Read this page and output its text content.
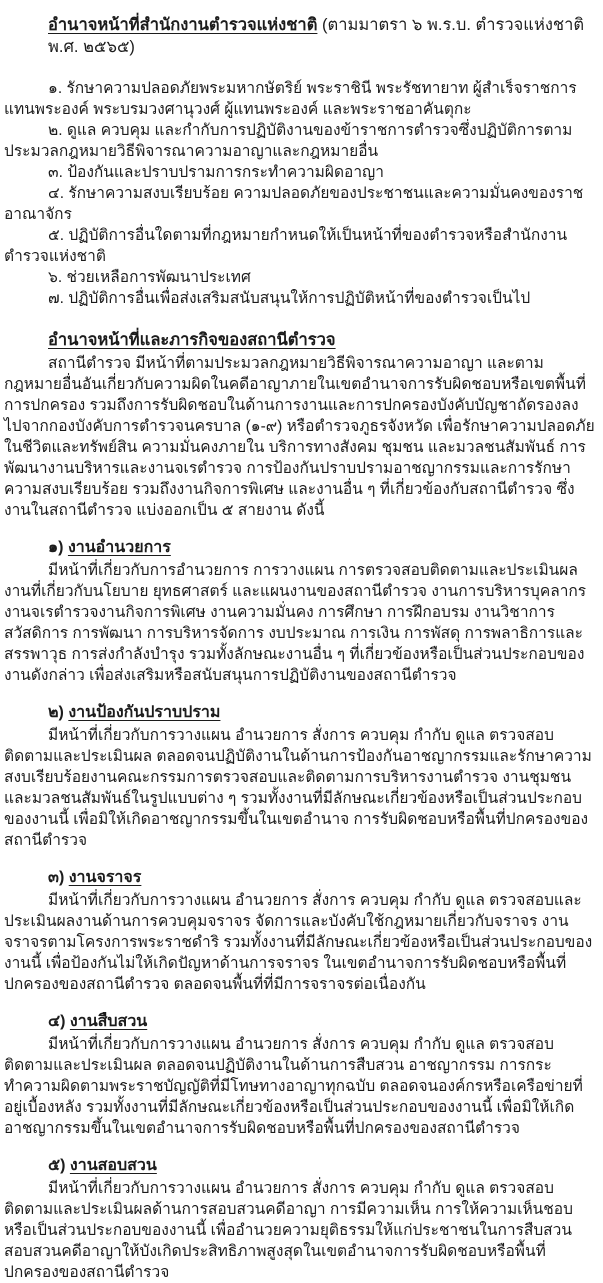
อำนาจหน้าที่สำนักงานตำรวจแห่งชาติ (ตามมาตรา ๖ พ.ร.บ. ตำรวจแห่งชาติ พ.ศ. ๒๕๖๕)

๑. รักษาความปลอดภัยพระมหากษัตริย์ พระราชินี พระรัชทายาท ผู้สำเร็จราชการแทนพระองค์ พระบรมวงศานุวงศ์ ผู้แทนพระองค์ และพระราชอาคันตุกะ

๒. ดูแล ควบคุม และกำกับการปฏิบัติงานของข้าราชการตำรวจซึ่งปฏิบัติการตามประมวลกฎหมายวิธีพิจารณาความอาญาและกฎหมายอื่น

๓. ป้องกันและปราบปรามการกระทำความผิดอาญา

๔. รักษาความสงบเรียบร้อย ความปลอดภัยของประชาชนและความมั่นคงของราชอาณาจักร

๕. ปฏิบัติการอื่นใดตามที่กฎหมายกำหนดให้เป็นหน้าที่ของตำรวจหรือสำนักงานตำรวจแห่งชาติ

๖. ช่วยเหลือการพัฒนาประเทศ

๗. ปฏิบัติการอื่นเพื่อส่งเสริมสนับสนุนให้การปฏิบัติหน้าที่ของตำรวจเป็นไป

อำนาจหน้าที่และภารกิจของสถานีตำรวจ

สถานีตำรวจ มีหน้าที่ตามประมวลกฎหมายวิธีพิจารณาความอาญา และตามกฎหมายอื่นอันเกี่ยวกับความผิดในคดีอาญาภายในเขตอำนาจการรับผิดชอบหรือเขตพื้นที่การปกครอง รวมถึงการรับผิดชอบในด้านการงานและการปกครองบังคับบัญชาถัดรองลงไปจากกองบังคับการตำรวจนครบาล (๑-๙) หรือตำรวจภูธรจังหวัด เพื่อรักษาความปลอดภัยในชีวิตและทรัพย์สิน ความมั่นคงภายใน บริการทางสังคม ชุมชน และมวลชนสัมพันธ์ การพัฒนางานบริหารและงานจเรตำรวจ การป้องกันปราบปรามอาชญากรรมและการรักษาความสงบเรียบร้อย รวมถึงงานกิจการพิเศษ และงานอื่น ๆ ที่เกี่ยวข้องกับสถานีตำรวจ ซึ่งงานในสถานีตำรวจ แบ่งออกเป็น ๕ สายงาน ดังนี้

๑) งานอำนวยการ

มีหน้าที่เกี่ยวกับการอำนวยการ การวางแผน การตรวจสอบติดตามและประเมินผลงานที่เกี่ยวกับนโยบาย ยุทธศาสตร์ และแผนงานของสถานีตำรวจ งานการบริหารบุคลากร งานจเรตำรวจงานกิจการพิเศษ งานความมั่นคง การศึกษา การฝึกอบรม งานวิชาการ สวัสดิการ การพัฒนา การบริหารจัดการ งบประมาณ การเงิน การพัสดุ การพลาธิการและสรรพาวุธ การส่งกำลังบำรุง รวมทั้งลักษณะงานอื่น ๆ ที่เกี่ยวข้องหรือเป็นส่วนประกอบของงานดังกล่าว เพื่อส่งเสริมหรือสนับสนุนการปฏิบัติงานของสถานีตำรวจ

๒) งานป้องกันปราบปราม

มีหน้าที่เกี่ยวกับการวางแผน อำนวยการ สั่งการ ควบคุม กำกับ ดูแล ตรวจสอบติดตามและประเมินผล ตลอดจนปฏิบัติงานในด้านการป้องกันอาชญากรรมและรักษาความสงบเรียบร้อยงานคณะกรรมการตรวจสอบและติดตามการบริหารงานตำรวจ งานชุมชนและมวลชนสัมพันธ์ในรูปแบบต่าง ๆ รวมทั้งงานที่มีลักษณะเกี่ยวข้องหรือเป็นส่วนประกอบของงานนี้ เพื่อมิให้เกิดอาชญากรรมขึ้นในเขตอำนาจ การรับผิดชอบหรือพื้นที่ปกครองของสถานีตำรวจ

๓) งานจราจร

มีหน้าที่เกี่ยวกับการวางแผน อำนวยการ สั่งการ ควบคุม กำกับ ดูแล ตรวจสอบและประเมินผลงานด้านการควบคุมจราจร จัดการและบังคับใช้กฎหมายเกี่ยวกับจราจร งานจราจรตามโครงการพระราชดำริ รวมทั้งงานที่มีลักษณะเกี่ยวข้องหรือเป็นส่วนประกอบของงานนี้ เพื่อป้องกันไม่ให้เกิดปัญหาด้านการจราจร ในเขตอำนาจการรับผิดชอบหรือพื้นที่ปกครองของสถานีตำรวจ ตลอดจนพื้นที่ที่มีการจราจรต่อเนื่องกัน

๔) งานสืบสวน

มีหน้าที่เกี่ยวกับการวางแผน อำนวยการ สั่งการ ควบคุม กำกับ ดูแล ตรวจสอบติดตามและประเมินผล ตลอดจนปฏิบัติงานในด้านการสืบสวน อาชญากรรม การกระทำความผิดตามพระราชบัญญัติที่มีโทษทางอาญาทุกฉบับ ตลอดจนองค์กรหรือเครือข่ายที่อยู่เบื้องหลัง รวมทั้งงานที่มีลักษณะเกี่ยวข้องหรือเป็นส่วนประกอบของงานนี้ เพื่อมิให้เกิดอาชญากรรมขึ้นในเขตอำนาจการรับผิดชอบหรือพื้นที่ปกครองของสถานีตำรวจ

๕) งานสอบสวน

มีหน้าที่เกี่ยวกับการวางแผน อำนวยการ สั่งการ ควบคุม กำกับ ดูแล ตรวจสอบติดตามและประเมินผลด้านการสอบสวนคดีอาญา การมีความเห็น การให้ความเห็นชอบ หรือเป็นส่วนประกอบของงานนี้ เพื่ออำนวยความยุติธรรมให้แก่ประชาชนในการสืบสวนสอบสวนคดีอาญาให้บังเกิดประสิทธิภาพสูงสุดในเขตอำนาจการรับผิดชอบหรือพื้นที่ปกครองของสถานีตำรวจ
